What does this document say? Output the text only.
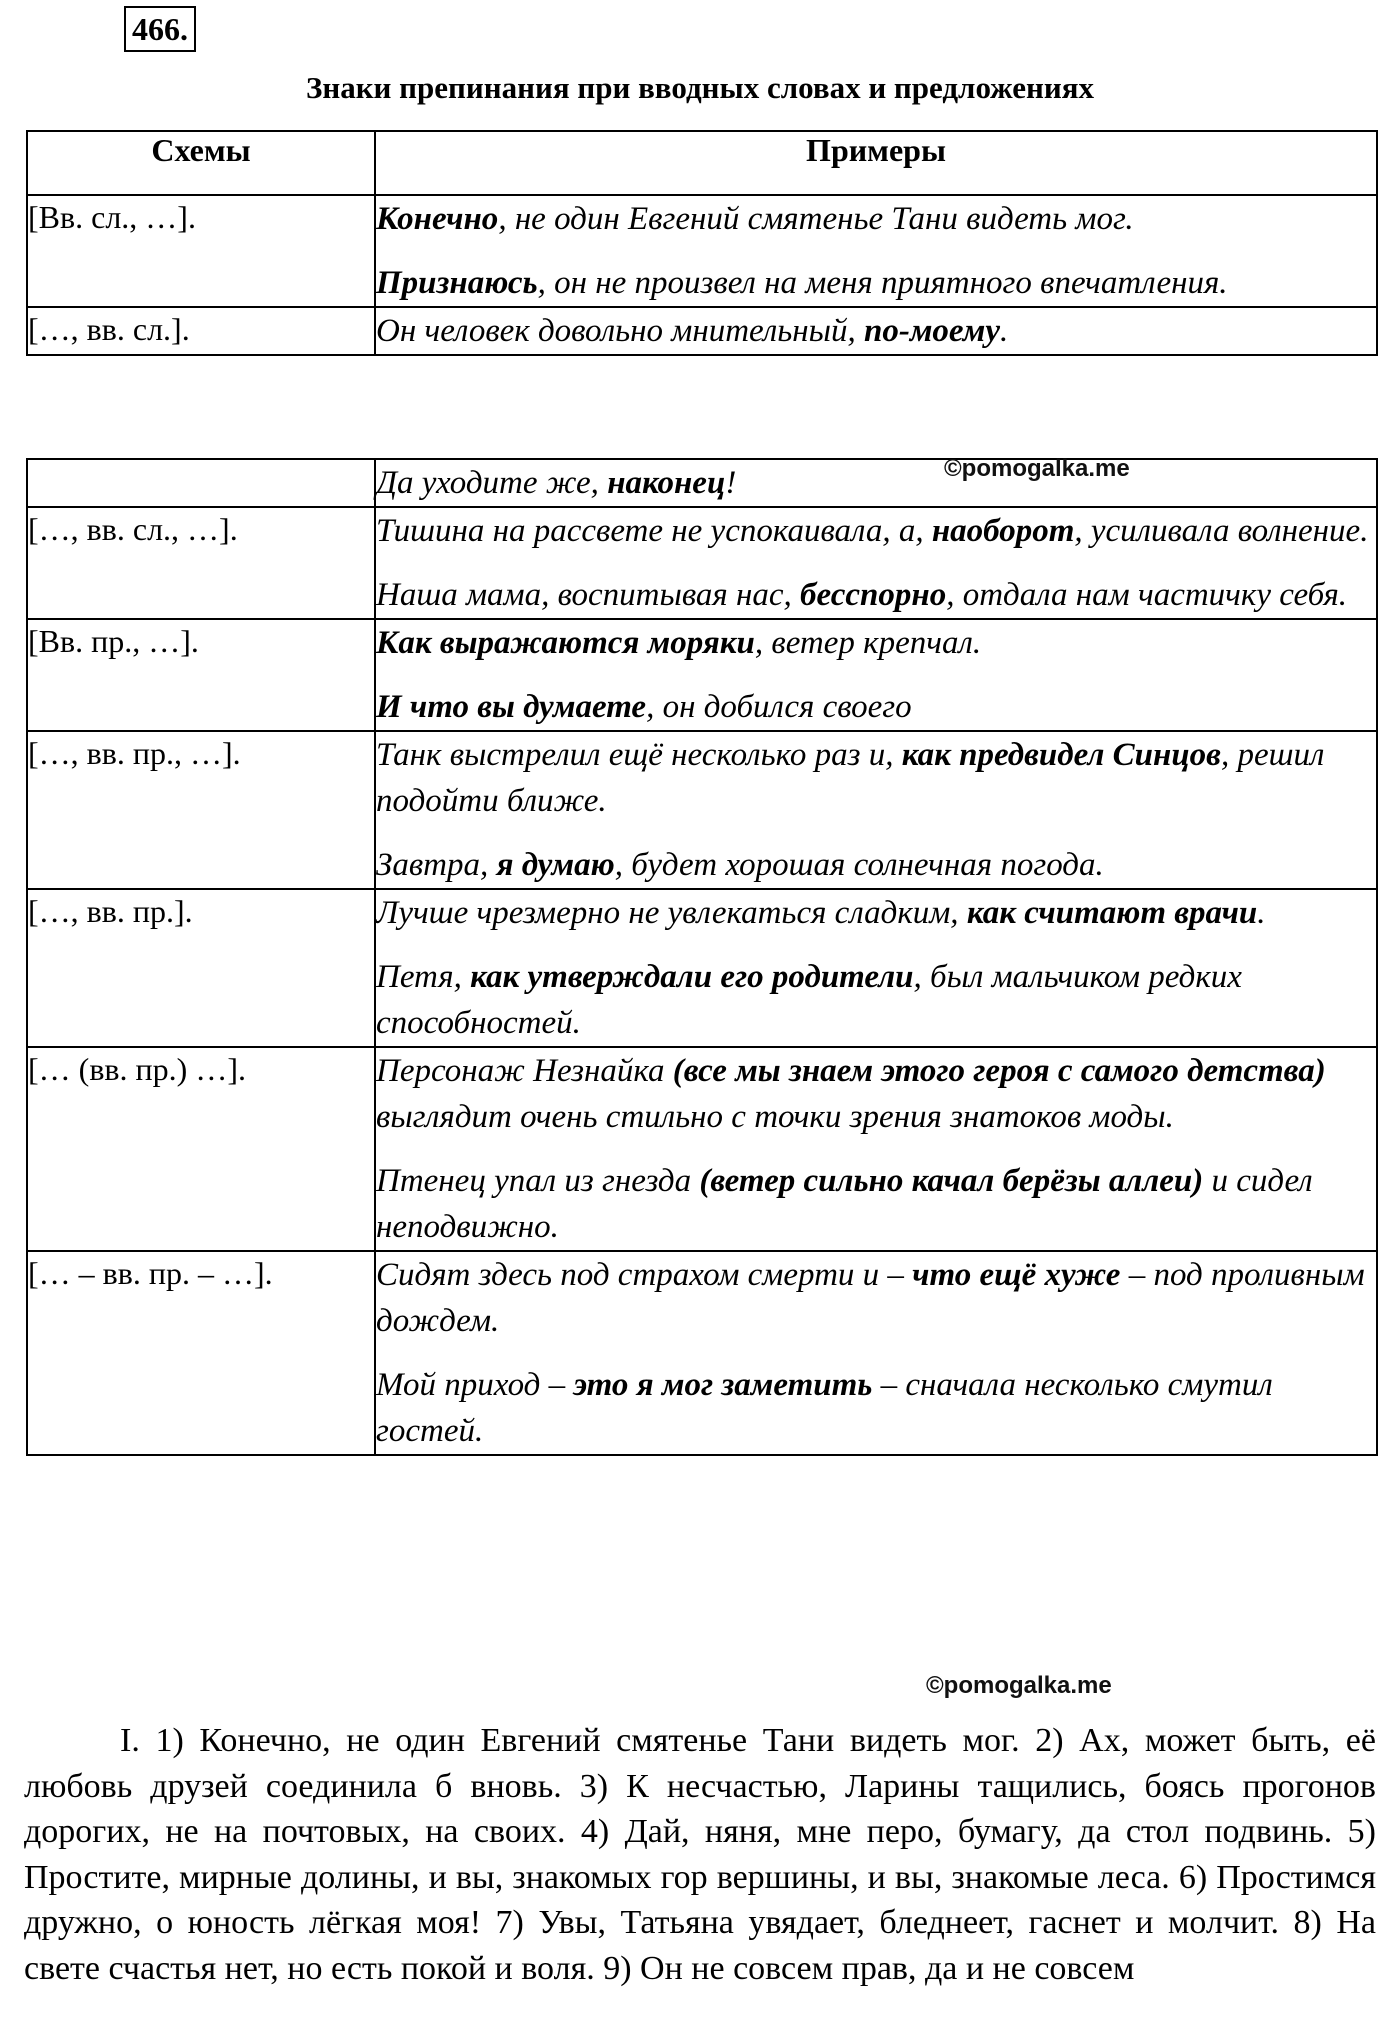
466.
Знаки препинания при вводных словах и предложениях
Схемы	Примеры
[Вв. сл., …].	Конечно, не один Евгений смятенье Тани видеть мог.
Признаюсь, он не произвел на меня приятного впечатления.

[…, вв. сл.].	Он человек довольно мнительный, по-моему.

	Да уходите же, наконец!

[…, вв. сл., …].	Тишина на рассвете не успокаивала, а, наоборот, усиливала волнение.
Наша мама, воспитывая нас, бесспорно, отдала нам частичку себя.

[Вв. пр., …].	Как выражаются моряки, ветер крепчал.
И что вы думаете, он добился своего

[…, вв. пр., …].	Танк выстрелил ещё несколько раз и, как предвидел Синцов, решил подойти ближе.
Завтра, я думаю, будет хорошая солнечная погода.

[…, вв. пр.].	Лучше чрезмерно не увлекаться сладким, как считают врачи.
Петя, как утверждали его родители, был мальчиком редких способностей.

[… (вв. пр.) …].	Персонаж Незнайка (все мы знаем этого героя с самого детства) выглядит очень стильно с точки зрения знатоков моды.
Птенец упал из гнезда (ветер сильно качал берёзы аллеи) и сидел неподвижно.

[… – вв. пр. – …].	Сидят здесь под страхом смерти и – что ещё хуже – под проливным дождем.
Мой приход – это я мог заметить – сначала несколько смутил гостей.
©pomogalka.me
©pomogalka.me
I. 1) Конечно, не один Евгений смятенье Тани видеть мог. 2) Ах, может быть, её любовь друзей соединила б вновь. 3) К несчастью, Ларины тащились, боясь прогонов дорогих, не на почтовых, на своих. 4) Дай, няня, мне перо, бумагу, да стол подвинь. 5) Простите, мирные долины, и вы, знакомых гор вершины, и вы, знакомые леса. 6) Простимся дружно, о юность лёгкая моя! 7) Увы, Татьяна увядает, бледнеет, гаснет и молчит. 8) На свете счастья нет, но есть покой и воля. 9) Он не совсем прав, да и не совсем
